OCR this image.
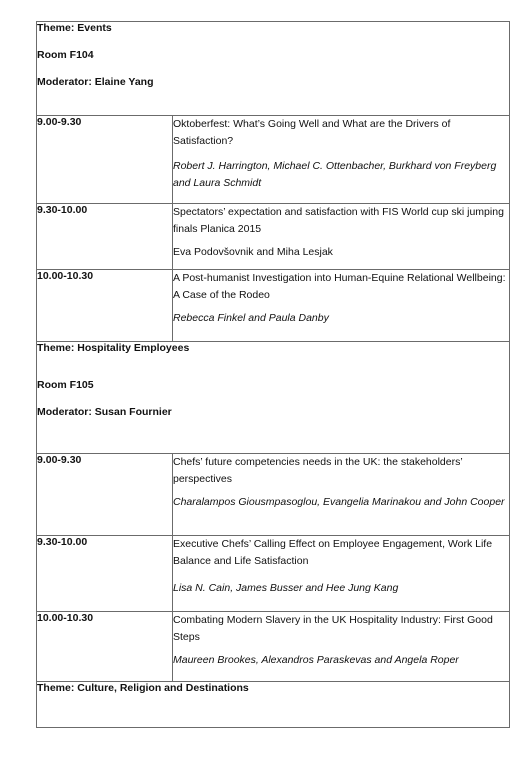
Theme: Events

Room F104

Moderator: Elaine Yang	

9.00-9.30	Oktoberfest: What’s Going Well and What are the Drivers of Satisfaction?

Robert J. Harrington, Michael C. Ottenbacher, Burkhard von Freyberg and Laura Schmidt

9.30-10.00	Spectators’ expectation and satisfaction with FIS World cup ski jumping finals Planica 2015

Eva Podovšovnik and Miha Lesjak

10.00-10.30	A Post-humanist Investigation into Human-Equine Relational Wellbeing: A Case of the Rodeo

Rebecca Finkel and Paula Danby

Theme: Hospitality Employees

Room F105

Moderator: Susan Fournier	

9.00-9.30	Chefs’ future competencies needs in the UK: the stakeholders’ perspectives

Charalampos Giousmpasoglou, Evangelia Marinakou and John Cooper

9.30-10.00	Executive Chefs’ Calling Effect on Employee Engagement, Work Life Balance and Life Satisfaction

Lisa N. Cain, James Busser and Hee Jung Kang

10.00-10.30	Combating Modern Slavery in the UK Hospitality Industry: First Good Steps

Maureen Brookes, Alexandros Paraskevas and Angela Roper

Theme: Culture, Religion and Destinations	
